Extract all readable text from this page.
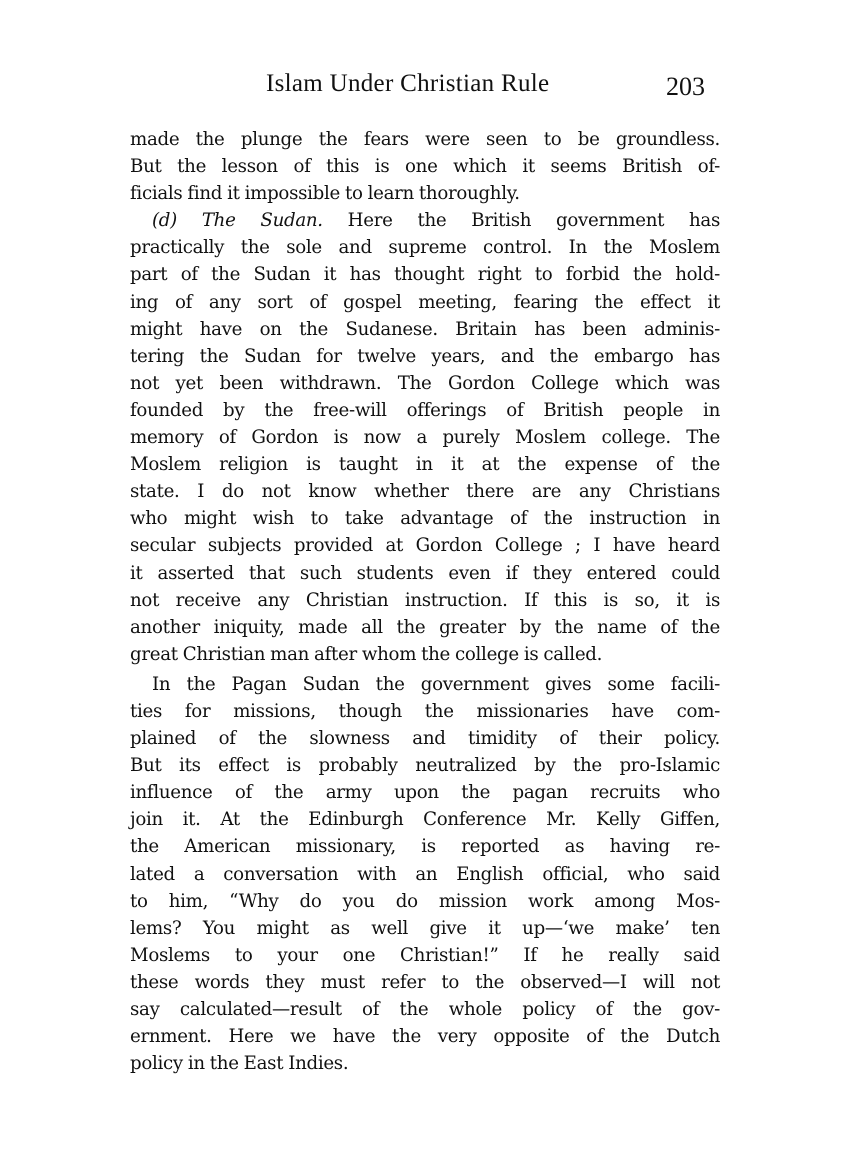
Islam Under Christian Rule	203
made the plunge the fears were seen to be groundless.
But the lesson of this is one which it seems British of-
ficials find it impossible to learn thoroughly.
(d) The Sudan. Here the British government has
practically the sole and supreme control. In the Moslem
part of the Sudan it has thought right to forbid the hold-
ing of any sort of gospel meeting, fearing the effect it
might have on the Sudanese. Britain has been adminis-
tering the Sudan for twelve years, and the embargo has
not yet been withdrawn. The Gordon College which was
founded by the free-will offerings of British people in
memory of Gordon is now a purely Moslem college. The
Moslem religion is taught in it at the expense of the
state. I do not know whether there are any Christians
who might wish to take advantage of the instruction in
secular subjects provided at Gordon College ; I have heard
it asserted that such students even if they entered could
not receive any Christian instruction. If this is so, it is
another iniquity, made all the greater by the name of the
great Christian man after whom the college is called.
In the Pagan Sudan the government gives some facili-
ties for missions, though the missionaries have com-
plained of the slowness and timidity of their policy.
But its effect is probably neutralized by the pro-Islamic
influence of the army upon the pagan recruits who
join it. At the Edinburgh Conference Mr. Kelly Giffen,
the American missionary, is reported as having re-
lated a conversation with an English official, who said
to him, “Why do you do mission work among Mos-
lems? You might as well give it up—‘we make’ ten
Moslems to your one Christian!” If he really said
these words they must refer to the observed—I will not
say calculated—result of the whole policy of the gov-
ernment. Here we have the very opposite of the Dutch
policy in the East Indies.
